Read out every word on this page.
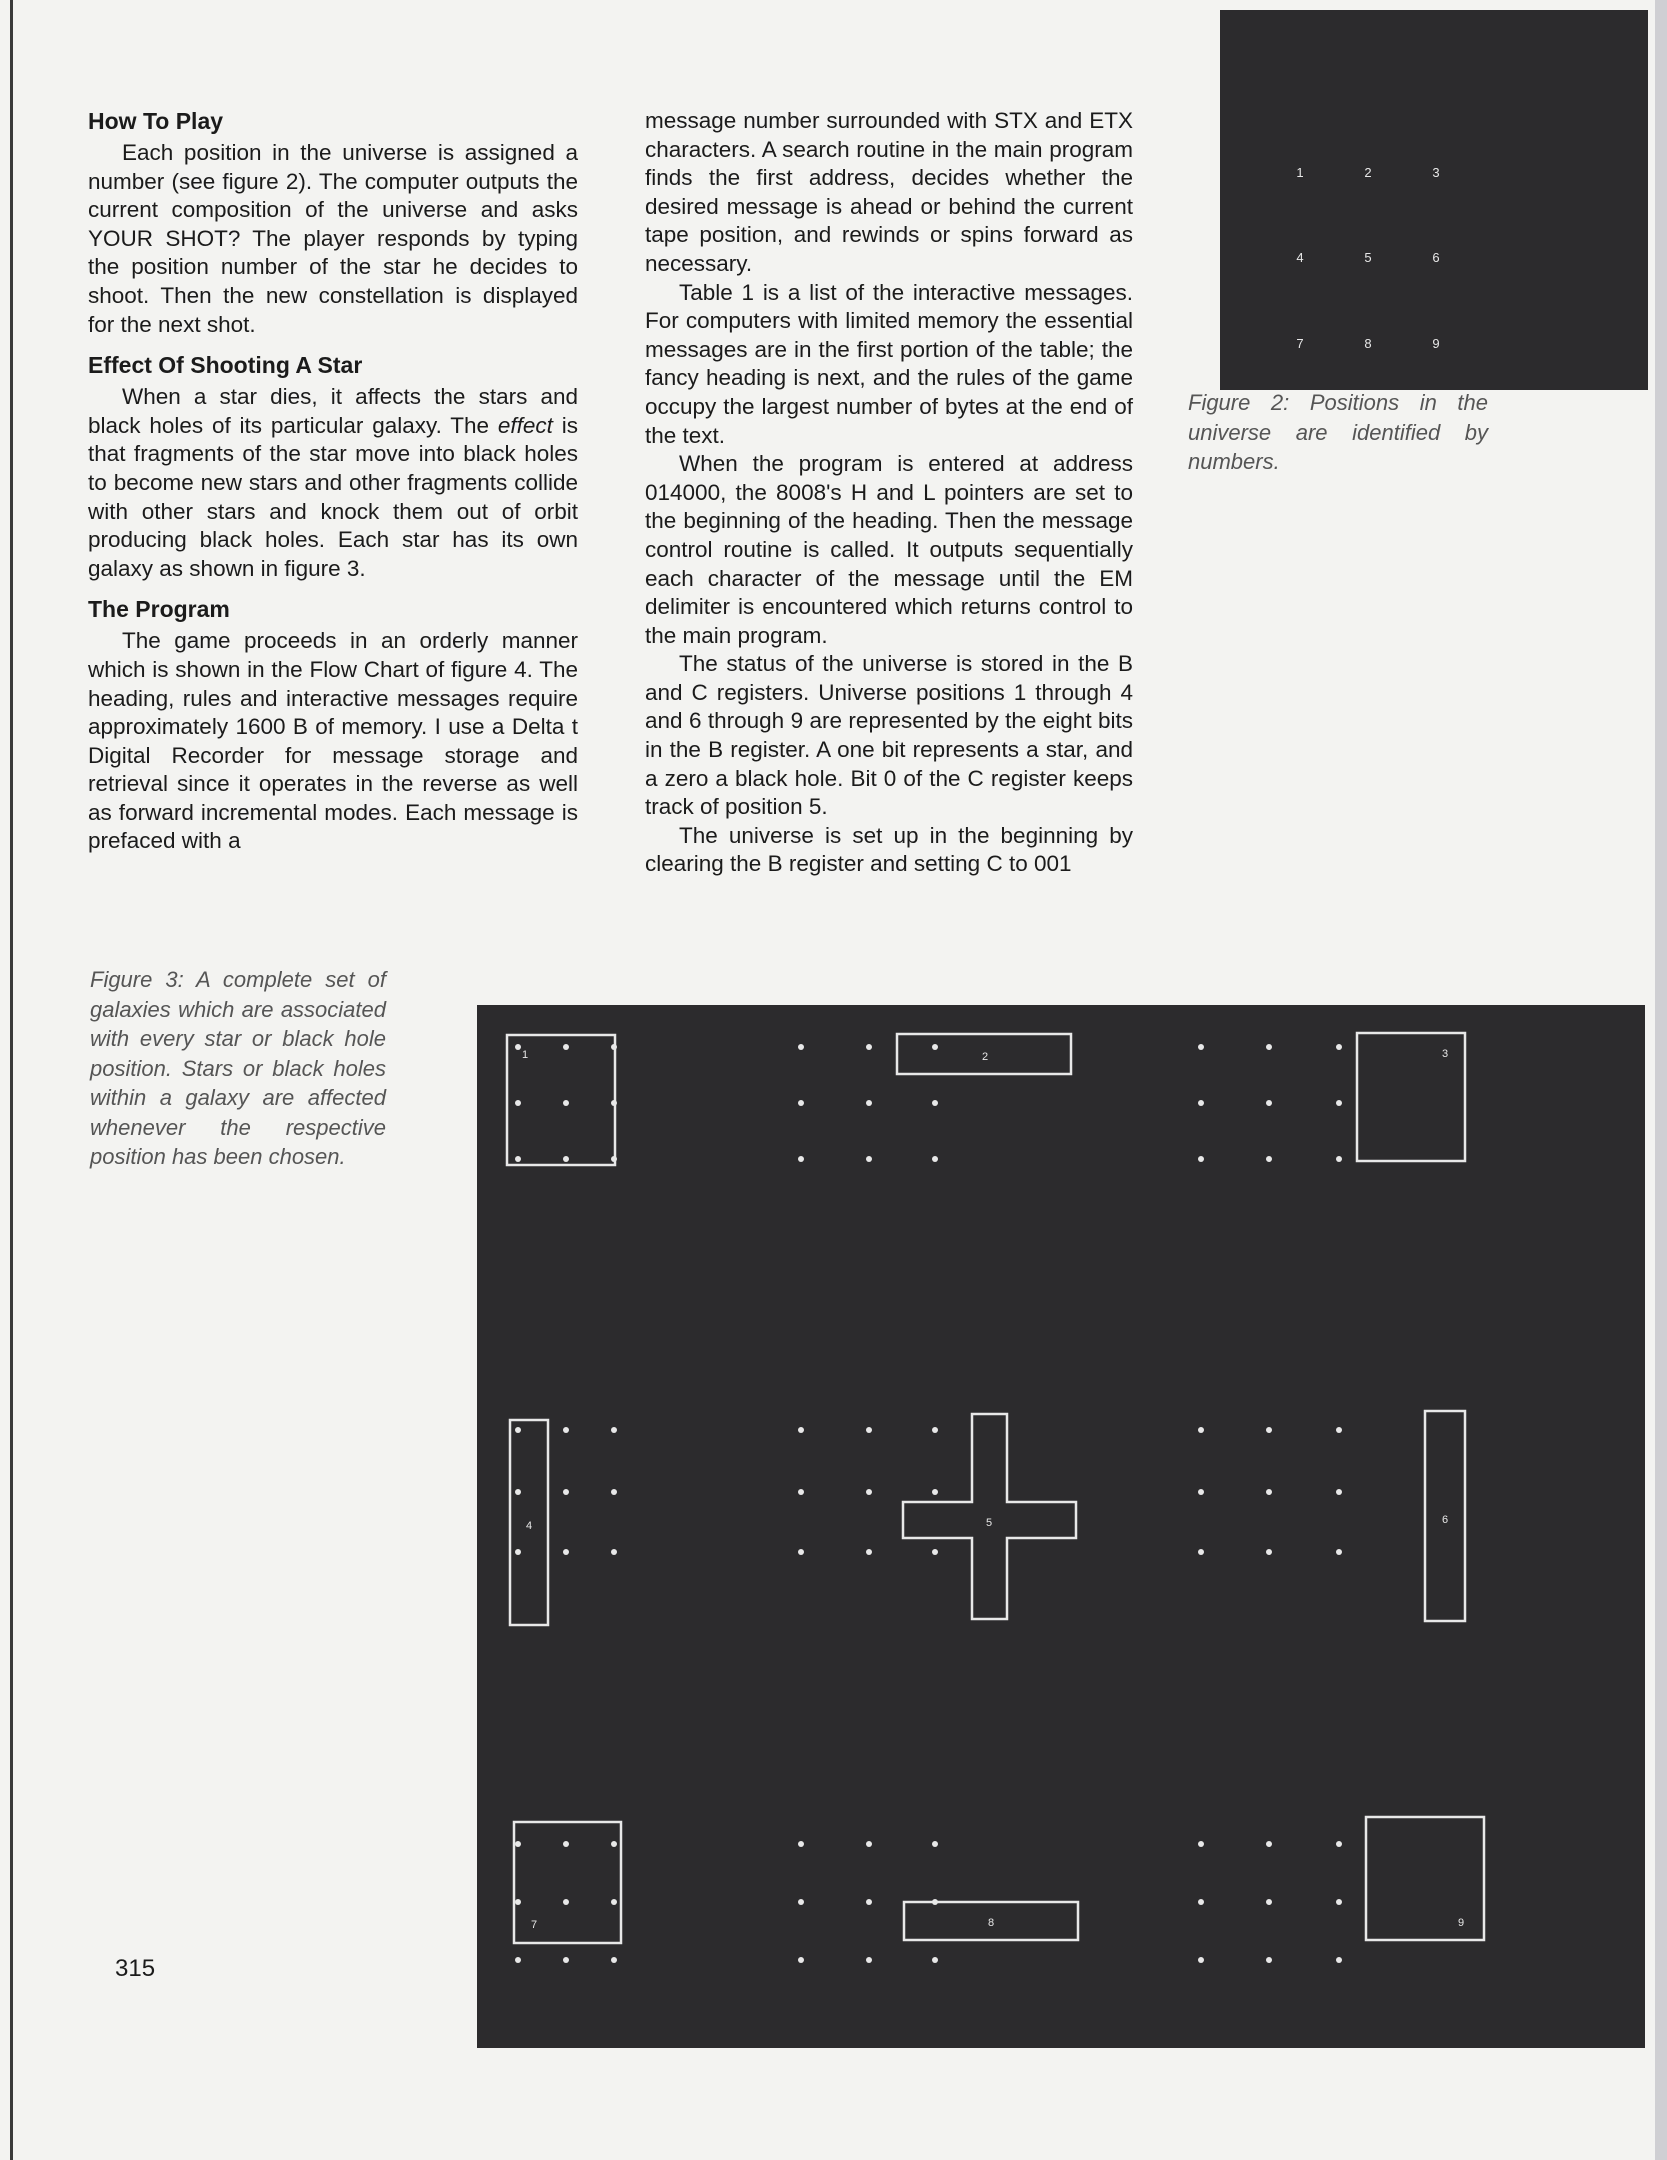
How To Play

Each position in the universe is assigned a number (see figure 2). The computer outputs the current composition of the universe and asks YOUR SHOT? The player responds by typing the position number of the star he decides to shoot. Then the new constellation is displayed for the next shot.

Effect Of Shooting A Star

When a star dies, it affects the stars and black holes of its particular galaxy. The effect is that fragments of the star move into black holes to become new stars and other fragments collide with other stars and knock them out of orbit producing black holes. Each star has its own galaxy as shown in figure 3.

The Program

The game proceeds in an orderly manner which is shown in the Flow Chart of figure 4. The heading, rules and interactive messages require approximately 1600 B of memory. I use a Delta t Digital Recorder for message storage and retrieval since it operates in the reverse as well as forward incremental modes. Each message is prefaced with a

message number surrounded with STX and ETX characters. A search routine in the main program finds the first address, decides whether the desired message is ahead or behind the current tape position, and rewinds or spins forward as necessary.

Table 1 is a list of the interactive messages. For computers with limited memory the essential messages are in the first portion of the table; the fancy heading is next, and the rules of the game occupy the largest number of bytes at the end of the text.

When the program is entered at address 014000, the 8008's H and L pointers are set to the beginning of the heading. Then the message control routine is called. It outputs sequentially each character of the message until the EM delimiter is encountered which returns control to the main program.

The status of the universe is stored in the B and C registers. Universe positions 1 through 4 and 6 through 9 are represented by the eight bits in the B register. A one bit represents a star, and a zero a black hole. Bit 0 of the C register keeps track of position 5.

The universe is set up in the beginning by clearing the B register and setting C to 001

1	2	3
4	5	6
7	8	9
Figure 2: Positions in the universe are identified by numbers.
Figure 3: A complete set of galaxies which are associated with every star or black hole position. Stars or black holes within a galaxy are affected whenever the respective position has been chosen.
1	2	3
4	5	6
7	8	9
315
